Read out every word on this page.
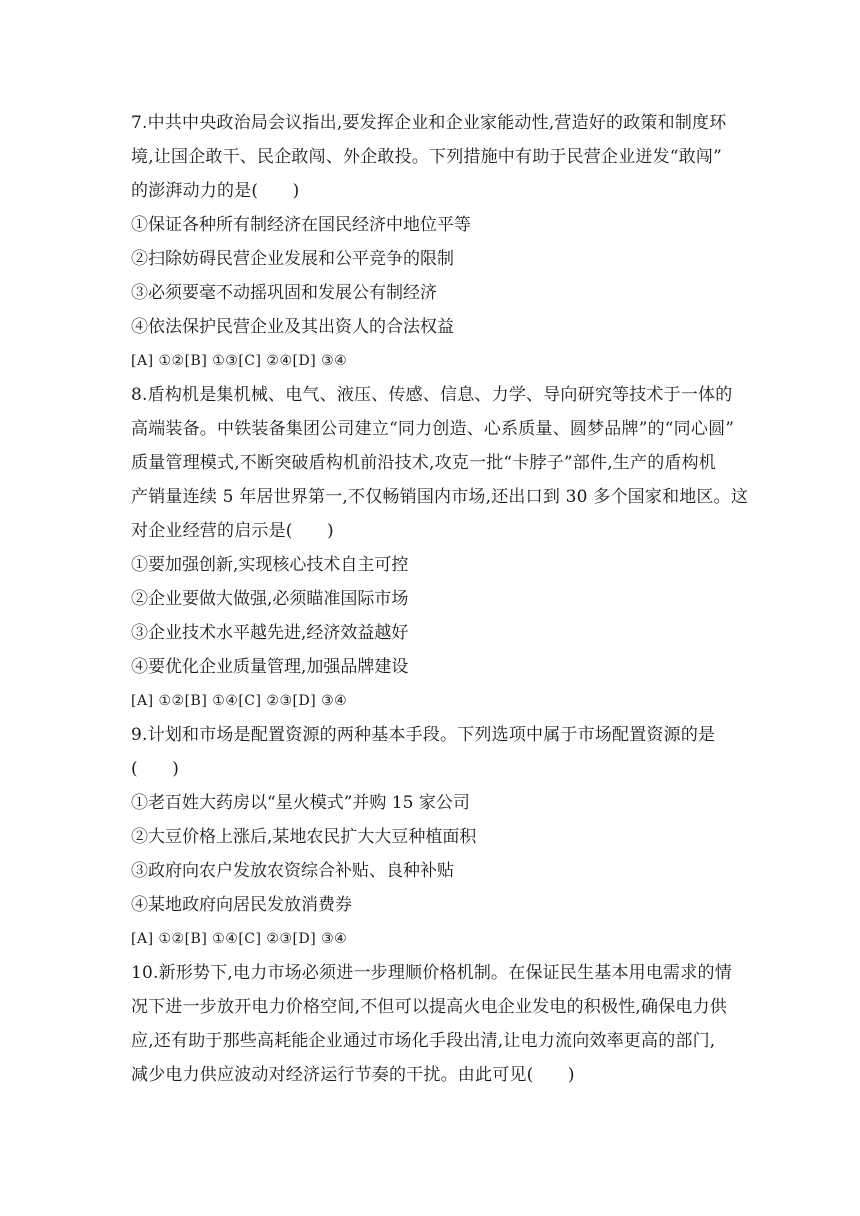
7.中共中央政治局会议指出,要发挥企业和企业家能动性,营造好的政策和制度环
境,让国企敢干、民企敢闯、外企敢投。下列措施中有助于民营企业迸发“敢闯”
的澎湃动力的是(　　)
①保证各种所有制经济在国民经济中地位平等
②扫除妨碍民营企业发展和公平竞争的限制
③必须要毫不动摇巩固和发展公有制经济
④依法保护民营企业及其出资人的合法权益
[A] ①②[B] ①③[C] ②④[D] ③④
8.盾构机是集机械、电气、液压、传感、信息、力学、导向研究等技术于一体的
高端装备。中铁装备集团公司建立“同力创造、心系质量、圆梦品牌”的“同心圆”
质量管理模式,不断突破盾构机前沿技术,攻克一批“卡脖子”部件,生产的盾构机
产销量连续 5 年居世界第一,不仅畅销国内市场,还出口到 30 多个国家和地区。这
对企业经营的启示是(　　)
①要加强创新,实现核心技术自主可控
②企业要做大做强,必须瞄准国际市场
③企业技术水平越先进,经济效益越好
④要优化企业质量管理,加强品牌建设
[A] ①②[B] ①④[C] ②③[D] ③④
9.计划和市场是配置资源的两种基本手段。下列选项中属于市场配置资源的是
(　　)
①老百姓大药房以“星火模式”并购 15 家公司
②大豆价格上涨后,某地农民扩大大豆种植面积
③政府向农户发放农资综合补贴、良种补贴
④某地政府向居民发放消费券
[A] ①②[B] ①④[C] ②③[D] ③④
10.新形势下,电力市场必须进一步理顺价格机制。在保证民生基本用电需求的情
况下进一步放开电力价格空间,不但可以提高火电企业发电的积极性,确保电力供
应,还有助于那些高耗能企业通过市场化手段出清,让电力流向效率更高的部门,
减少电力供应波动对经济运行节奏的干扰。由此可见(　　)
